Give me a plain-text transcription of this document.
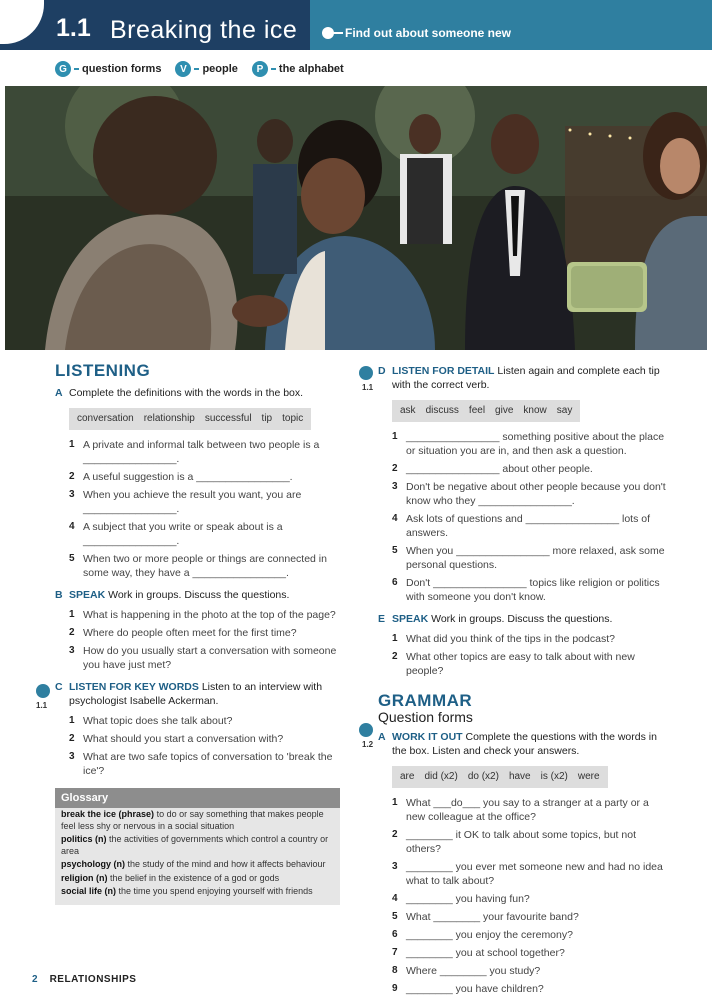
1.1 Breaking the ice	Find out about someone new
G	question forms	V	people	P	the alphabet
LISTENING
A Complete the definitions with the words in the box.
conversation relationship successful tip topic
1 A private and informal talk between two people is a ________________.
2 A useful suggestion is a ________________.
3 When you achieve the result you want, you are ________________.
4 A subject that you write or speak about is a ________________.
5 When two or more people or things are connected in some way, they have a ________________.
B SPEAK Work in groups. Discuss the questions.
1 What is happening in the photo at the top of the page?
2 Where do people often meet for the first time?
3 How do you usually start a conversation with someone you have just met?
C LISTEN FOR KEY WORDS Listen to an interview with psychologist Isabelle Ackerman.
1 What topic does she talk about?
2 What should you start a conversation with?
3 What are two safe topics of conversation to 'break the ice'?
Glossary

break the ice (phrase) to do or say something that makes people feel less shy or nervous in a social situation

politics (n) the activities of governments which control a country or area

psychology (n) the study of the mind and how it affects behaviour

religion (n) the belief in the existence of a god or gods

social life (n) the time you spend enjoying yourself with friends

1.1
1.1
1.2
D LISTEN FOR DETAIL Listen again and complete each tip with the correct verb.
ask discuss feel give know say
1 ________________ something positive about the place or situation you are in, and then ask a question.
2 ________________ about other people.
3 Don't be negative about other people because you don't know who they ________________.
4 Ask lots of questions and ________________ lots of answers.
5 When you ________________ more relaxed, ask some personal questions.
6 Don't ________________ topics like religion or politics with someone you don't know.
E SPEAK Work in groups. Discuss the questions.
1 What did you think of the tips in the podcast?
2 What other topics are easy to talk about with new people?
GRAMMAR
Question forms
A WORK IT OUT Complete the questions with the words in the box. Listen and check your answers.
are did (x2) do (x2) have is (x2) were
1 What ___do___ you say to a stranger at a party or a new colleague at the office?
2 ________ it OK to talk about some topics, but not others?
3 ________ you ever met someone new and had no idea what to talk about?
4 ________ you having fun?
5 What ________ your favourite band?
6 ________ you enjoy the ceremony?
7 ________ you at school together?
8 Where ________ you study?
9 ________ you have children?
2 RELATIONSHIPS
